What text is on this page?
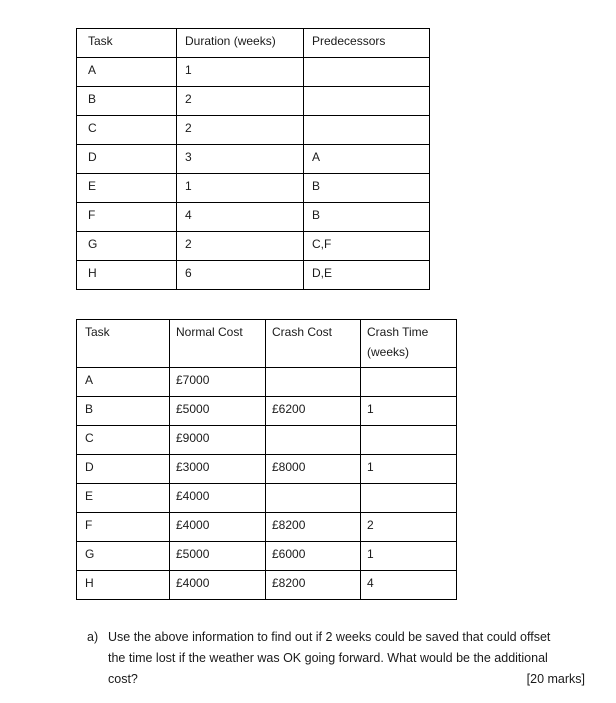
Task	Duration (weeks)	Predecessors

A	1	

B	2	

C	2	

D	3	A

E	1	B

F	4	B

G	2	C,F

H	6	D,E
Task	Normal Cost	Crash Cost	Crash Time
(weeks)

A	£7000		

B	£5000	£6200	1

C	£9000		

D	£3000	£8000	1

E	£4000		

F	£4000	£8200	2

G	£5000	£6000	1

H	£4000	£8200	4
a) Use the above information to find out if 2 weeks could be saved that could offset
the time lost if the weather was OK going forward. What would be the additional
cost?	[20 marks]
